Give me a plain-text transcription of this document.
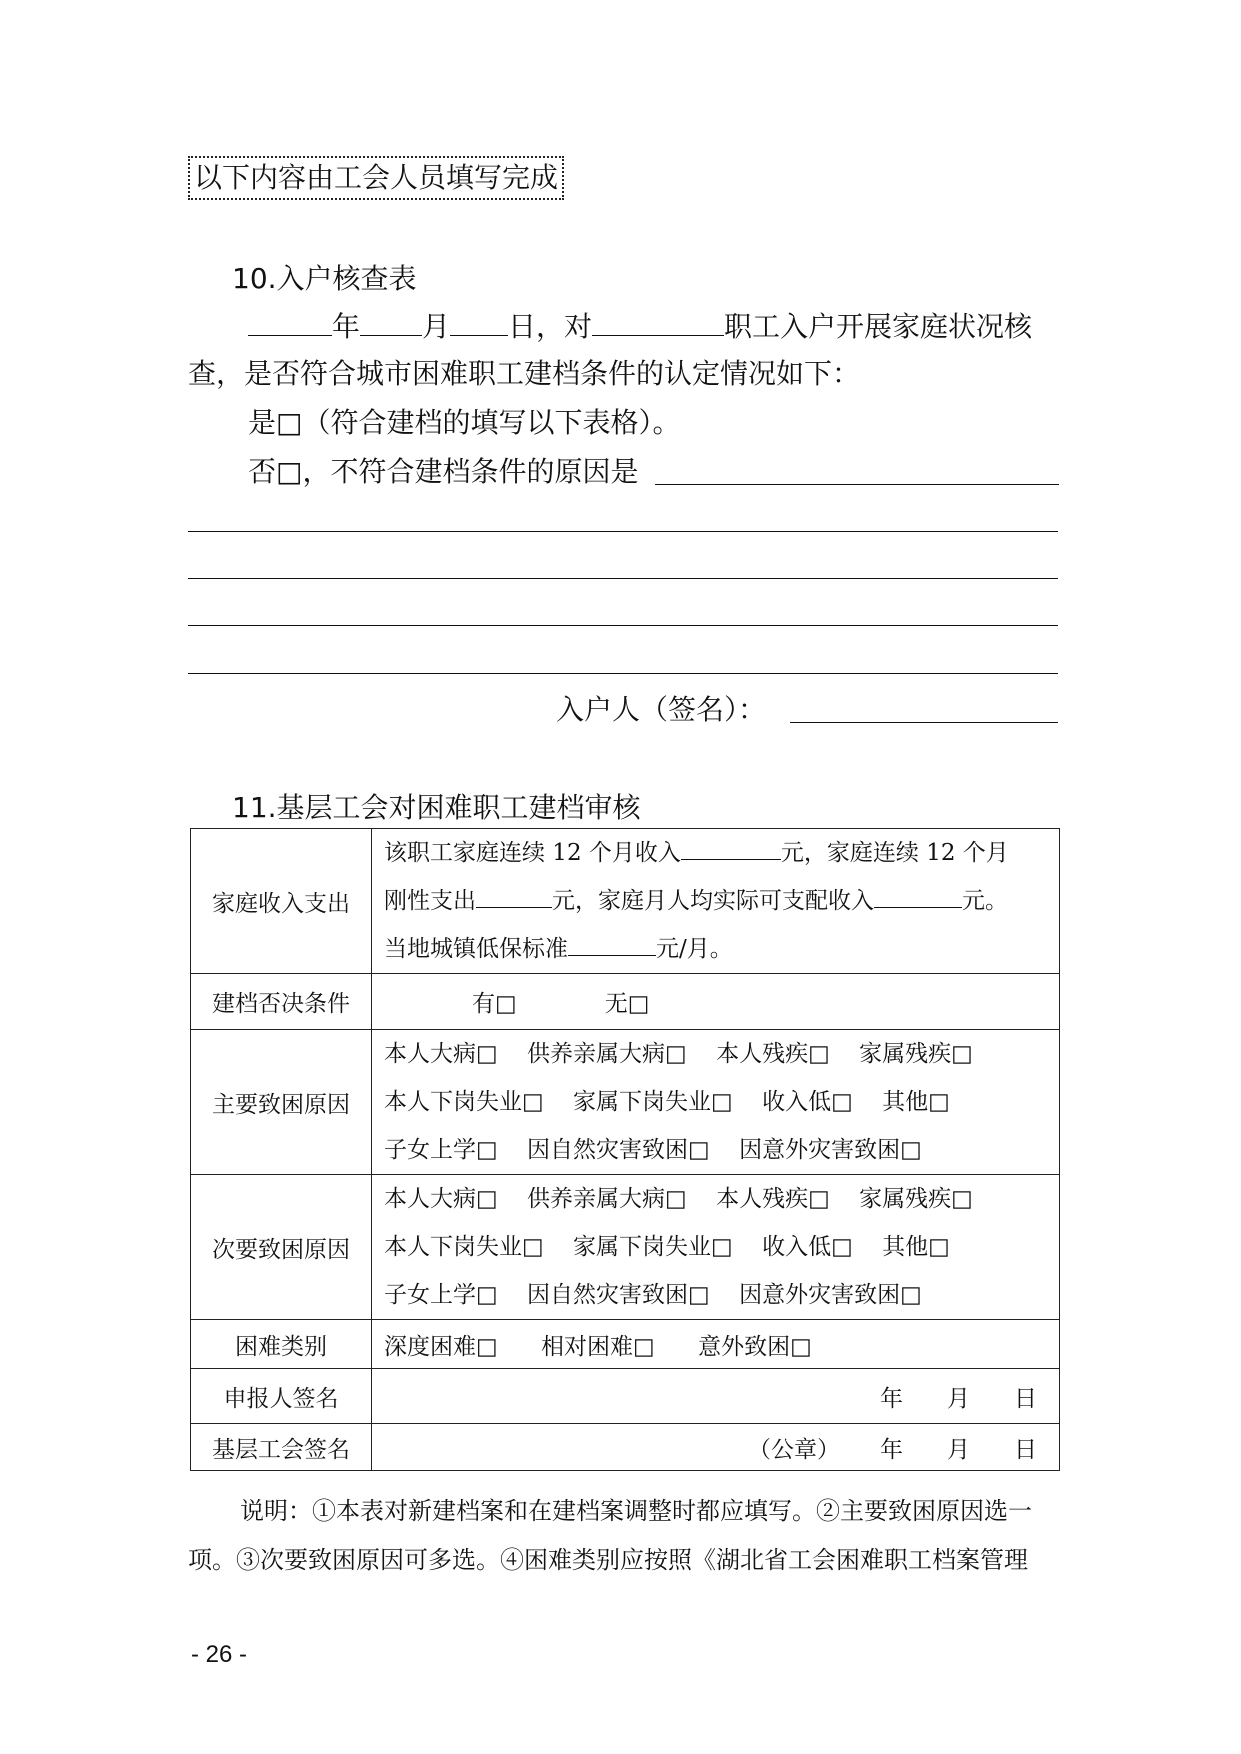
以下内容由工会人员填写完成
10.入户核查表
年 月 日，对	职工入户开展家庭状况核
查，是否符合城市困难职工建档条件的认定情况如下：
是□（符合建档的填写以下表格）。
否□，不符合建档条件的原因是
入户人（签名）：
11.基层工会对困难职工建档审核
家庭收入支出	该职工家庭连续 12 个月收入 元，家庭连续 12 个月
刚性支出 元，家庭月人均实际可支配收入 元。
当地城镇低保标准 元/月。

建档否决条件	有□ 无□
主要致困原因	本人大病□ 供养亲属大病□ 本人残疾□ 家属残疾□
本人下岗失业□ 家属下岗失业□ 收入低□ 其他□
子女上学□ 因自然灾害致困□ 因意外灾害致困□

次要致困原因	本人大病□ 供养亲属大病□ 本人残疾□ 家属残疾□
本人下岗失业□ 家属下岗失业□ 收入低□ 其他□
子女上学□ 因自然灾害致困□ 因意外灾害致困□

困难类别	深度困难□ 相对困难□ 意外致困□
申报人签名	年 月 日
基层工会签名	（公章） 年 月 日
说明：①本表对新建档案和在建档案调整时都应填写。②主要致困原因选一
项。③次要致困原因可多选。④困难类别应按照《湖北省工会困难职工档案管理
- 26 -
